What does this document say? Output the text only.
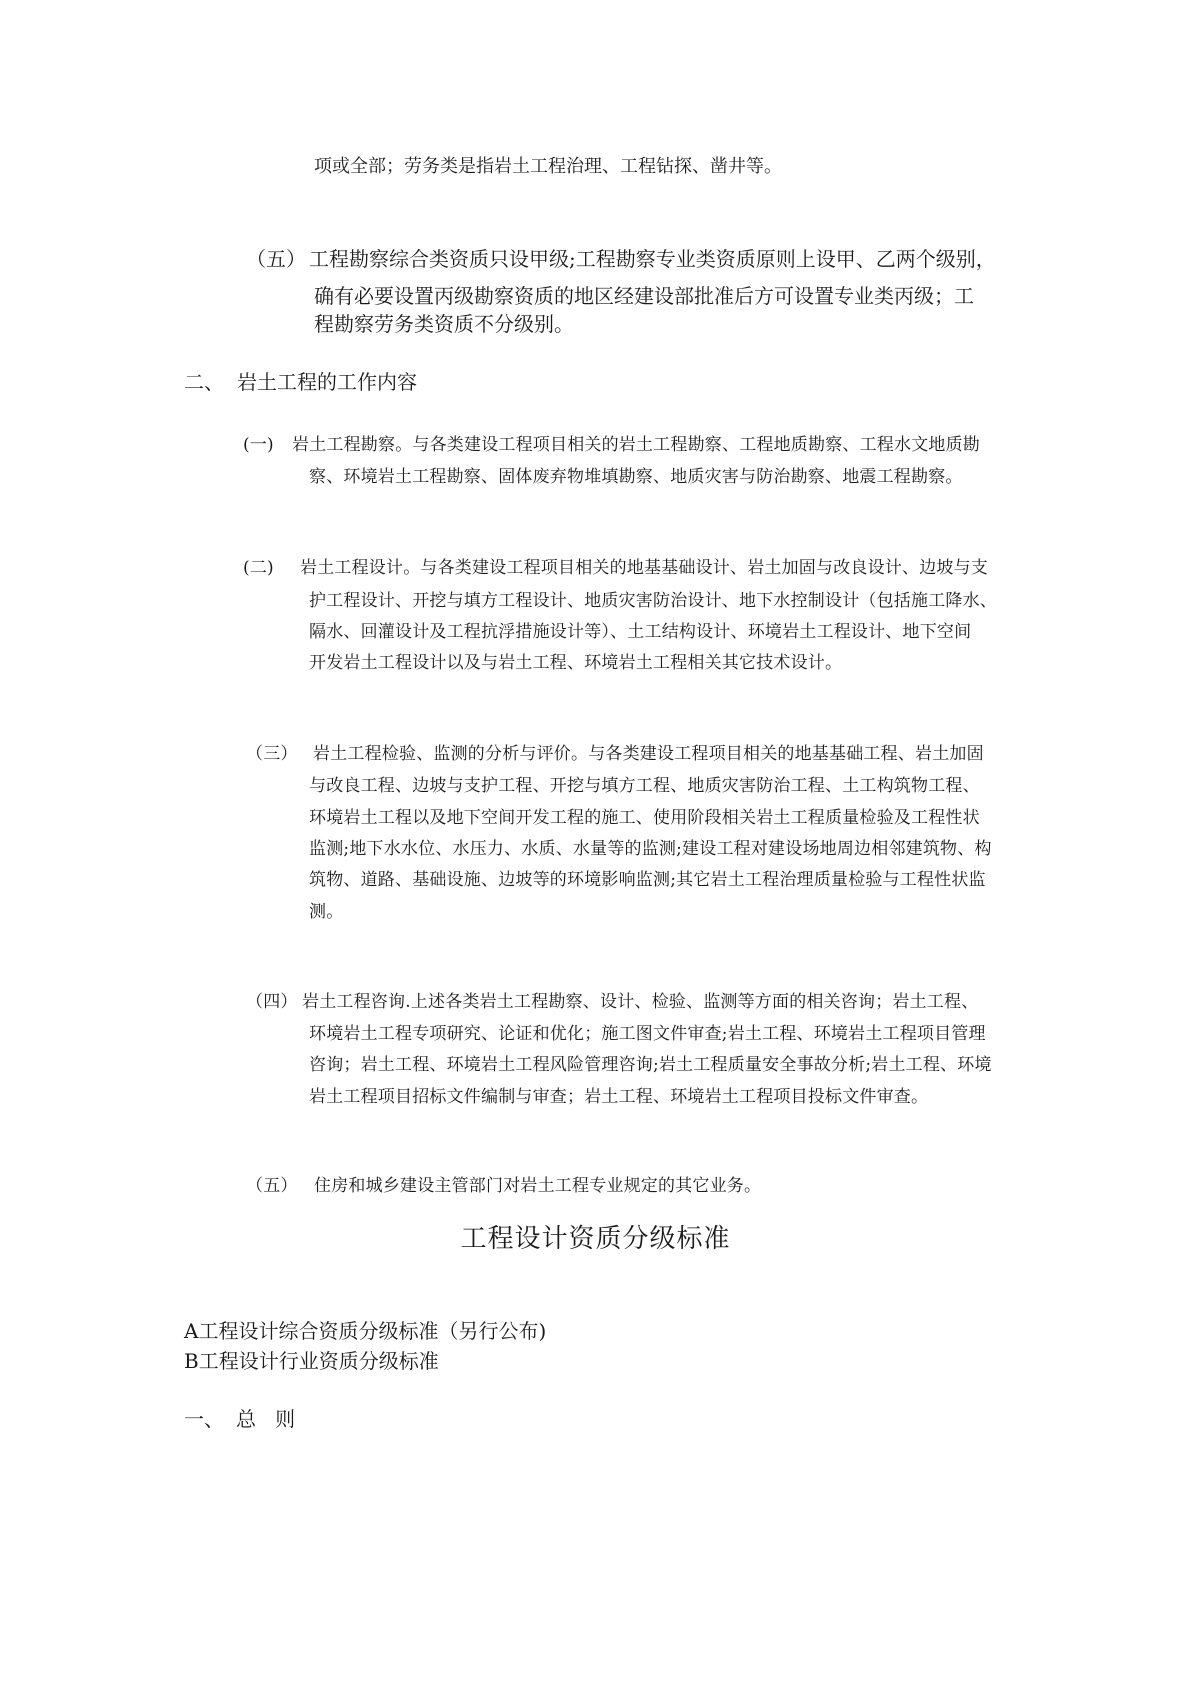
项或全部；劳务类是指岩土工程治理、工程钻探、凿井等。
（五） 工程勘察综合类资质只设甲级;工程勘察专业类资质原则上设甲、乙两个级别，
确有必要设置丙级勘察资质的地区经建设部批准后方可设置专业类丙级；工
程勘察劳务类资质不分级别。
二、 岩土工程的工作内容
(一) 岩土工程勘察。与各类建设工程项目相关的岩土工程勘察、工程地质勘察、工程水文地质勘
察、环境岩土工程勘察、固体废弃物堆填勘察、地质灾害与防治勘察、地震工程勘察。
(二) 岩土工程设计。与各类建设工程项目相关的地基基础设计、岩土加固与改良设计、边坡与支
护工程设计、开挖与填方工程设计、地质灾害防治设计、地下水控制设计（包括施工降水、
隔水、回灌设计及工程抗浮措施设计等）、土工结构设计、环境岩土工程设计、地下空间
开发岩土工程设计以及与岩土工程、环境岩土工程相关其它技术设计。
（三） 岩土工程检验、监测的分析与评价。与各类建设工程项目相关的地基基础工程、岩土加固
与改良工程、边坡与支护工程、开挖与填方工程、地质灾害防治工程、土工构筑物工程、
环境岩土工程以及地下空间开发工程的施工、使用阶段相关岩土工程质量检验及工程性状
监测;地下水水位、水压力、水质、水量等的监测;建设工程对建设场地周边相邻建筑物、构
筑物、道路、基础设施、边坡等的环境影响监测;其它岩土工程治理质量检验与工程性状监
测。
（四） 岩土工程咨询.上述各类岩土工程勘察、设计、检验、监测等方面的相关咨询；岩土工程、
环境岩土工程专项研究、论证和优化；施工图文件审查;岩土工程、环境岩土工程项目管理
咨询；岩土工程、环境岩土工程风险管理咨询;岩土工程质量安全事故分析;岩土工程、环境
岩土工程项目招标文件编制与审查；岩土工程、环境岩土工程项目投标文件审查。
（五） 住房和城乡建设主管部门对岩土工程专业规定的其它业务。
工程设计资质分级标准
A工程设计综合资质分级标准（另行公布)
B工程设计行业资质分级标准
一、 总   则
